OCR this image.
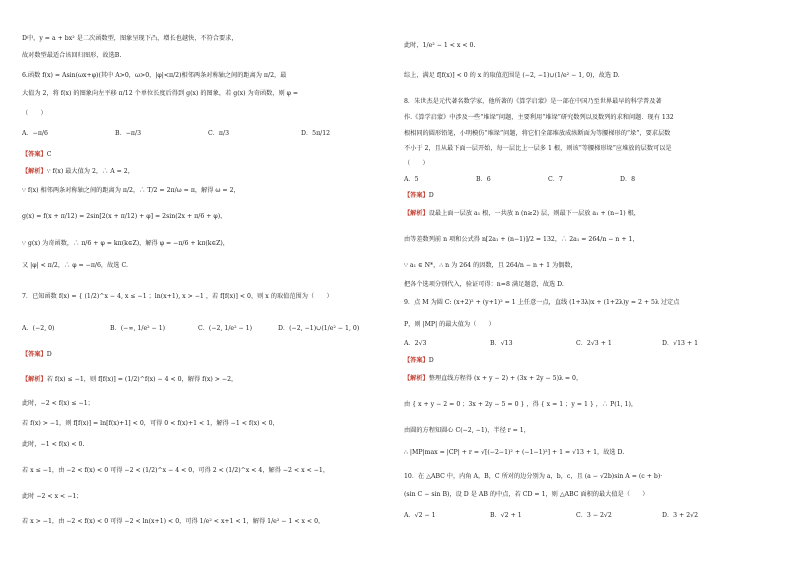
D中，y = a + bx² 是二次函数型，图象呈现下凸，增长也越快，不符合要求，
故对数型最适合该回归图形，故选B.
6.函数 f(x) = Asin(ωx+φ)(其中 A>0，ω>0，|φ|<π/2)相邻两条对称轴之间的距离为 π/2，最
大值为 2，将 f(x) 的图象向左平移 π/12 个单位长度后得到 g(x) 的图象，若 g(x) 为奇函数，则 φ =
（　　）
A．−π/6	B．−π/3	C．π/3	D．5π/12
【答案】C
【解析】∵ f(x) 最大值为 2，∴ A = 2，
∵ f(x) 相邻两条对称轴之间的距离为 π/2，∴ T/2 = 2π/ω = π，解得 ω = 2，
g(x) = f(x + π/12) = 2sin[2(x + π/12) + φ] = 2sin(2x + π/6 + φ)，
∵ g(x) 为奇函数，∴ π/6 + φ = kπ(k∈Z)，解得 φ = −π/6 + kπ(k∈Z)，
又 |φ| < π/2，∴ φ = −π/6，故选 C.
7．已知函数 f(x) = { (1/2)^x − 4, x ≤ −1 ；ln(x+1), x > −1 ，若 f[f(x)] < 0，则 x 的取值范围为（　　）
A．(−2, 0)	B．(−∞, 1/e² − 1)	C．(−2, 1/e² − 1)	D．(−2, −1)∪(1/e² − 1, 0)
【答案】D
【解析】若 f(x) ≤ −1，则 f[f(x)] = (1/2)^f(x) − 4 < 0，解得 f(x) > −2，
此时，−2 < f(x) ≤ −1；
若 f(x) > −1，则 f[f(x)] = ln[f(x)+1] < 0，可得 0 < f(x)+1 < 1，解得 −1 < f(x) < 0，
此时，−1 < f(x) < 0.
若 x ≤ −1，由 −2 < f(x) < 0 可得 −2 < (1/2)^x − 4 < 0，可得 2 < (1/2)^x < 4，解得 −2 < x < −1，
此时 −2 < x < −1；
若 x > −1，由 −2 < f(x) < 0 可得 −2 < ln(x+1) < 0，可得 1/e² < x+1 < 1，解得 1/e² − 1 < x < 0，
此时，1/e² − 1 < x < 0.
综上，满足 f[f(x)] < 0 的 x 的取值范围是 (−2, −1)∪(1/e² − 1, 0)，故选 D.
8．朱世杰是元代著名数学家，他所著的《算学启蒙》是一部在中国乃至世界最早的科学普及著
作.《算学启蒙》中涉及一些“堆垛”问题，主要利用“堆垛”研究数列以及数列的求和问题．现有 132
根相同的圆形铅笔，小明模仿“堆垛”问题，将它们全部堆放成纵断面为等腰梯形的“垛”，要求层数
不小于 2，且从最下面一层开始，每一层比上一层多 1 根，则该“等腰梯形垛”应堆放的层数可以是
（　　）
A．5	B．6	C．7	D．8
【答案】D
【解析】设最上面一层放 a₁ 根，一共放 n (n≥2) 层，则最下一层放 a₁ + (n−1) 根，
由等差数列前 n 项和公式得 n[2a₁ + (n−1)]/2 = 132，∴ 2a₁ = 264/n − n + 1，
∵ a₁ ∈ N*，∴ n 为 264 的因数，且 264/n − n + 1 为偶数，
把各个选项分别代入，验证可得：n=8 满足题意，故选 D.
9．点 M 为圆 C: (x+2)² + (y+1)² = 1 上任意一点，直线 (1+3λ)x + (1+2λ)y = 2 + 5λ 过定点
P，则 |MP| 的最大值为（　　）
A．2√3	B．√13	C．2√3 + 1	D．√13 + 1
【答案】D
【解析】整理直线方程得 (x + y − 2) + (3x + 2y − 5)λ = 0，
由 { x + y − 2 = 0 ；3x + 2y − 5 = 0 } ，得 { x = 1 ；y = 1 } ，∴ P(1, 1)，
由圆的方程知圆心 C(−2, −1)，半径 r = 1，
∴ |MP|max = |CP| + r = √[(−2−1)² + (−1−1)²] + 1 = √13 + 1，故选 D.
10．在 △ABC 中，内角 A，B，C 所对的边分别为 a，b，c，且 (a − √2b)sin A = (c + b)·
(sin C − sin B)，设 D 是 AB 的中点，若 CD = 1，则 △ABC 面积的最大值是（　　）
A．√2 − 1	B．√2 + 1	C．3 − 2√2	D．3 + 2√2
